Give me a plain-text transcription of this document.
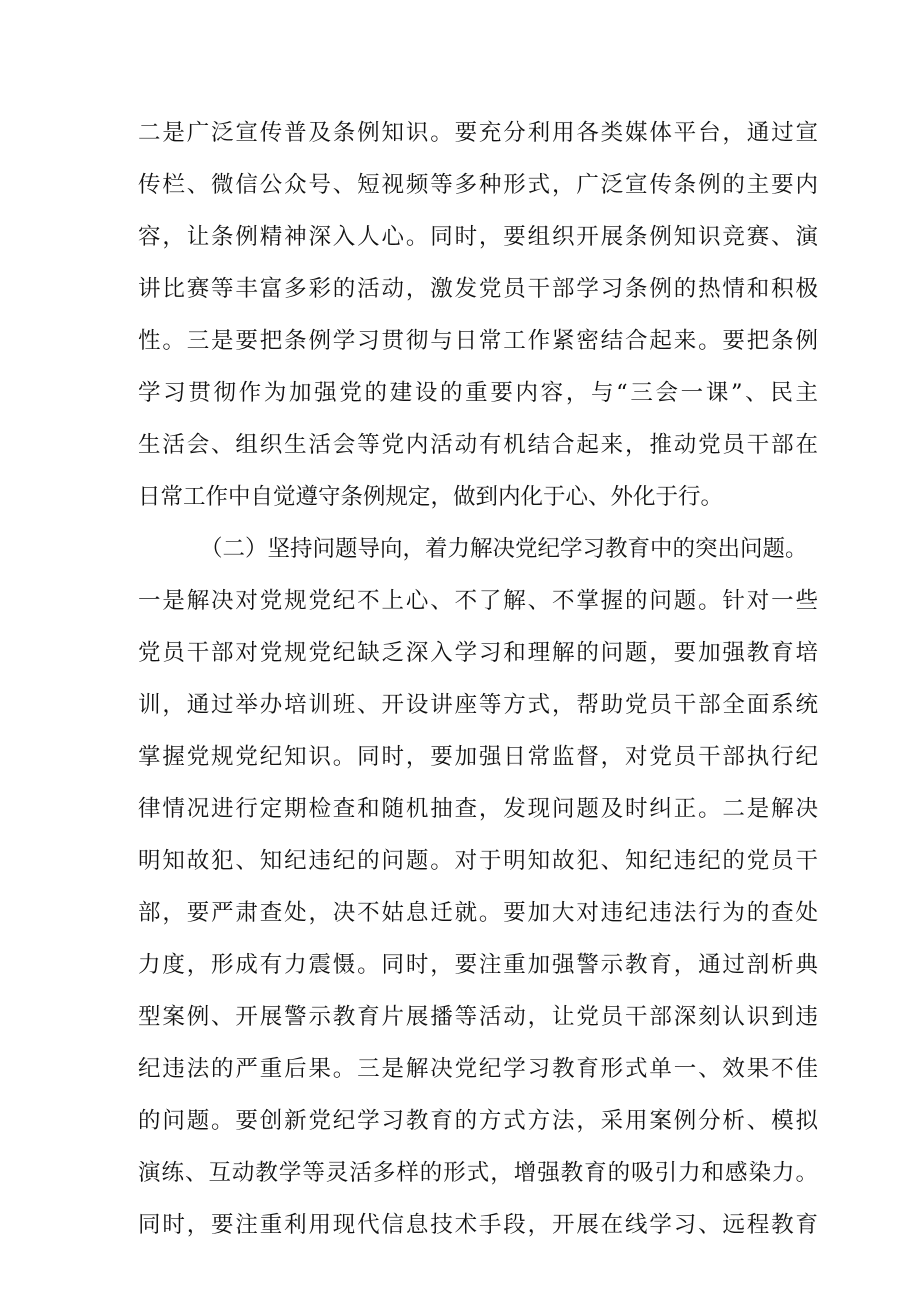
二是广泛宣传普及条例知识。要充分利用各类媒体平台，通过宣
传栏、微信公众号、短视频等多种形式，广泛宣传条例的主要内
容，让条例精神深入人心。同时，要组织开展条例知识竞赛、演
讲比赛等丰富多彩的活动，激发党员干部学习条例的热情和积极
性。三是要把条例学习贯彻与日常工作紧密结合起来。要把条例
学习贯彻作为加强党的建设的重要内容，与“三会一课”、民主
生活会、组织生活会等党内活动有机结合起来，推动党员干部在
日常工作中自觉遵守条例规定，做到内化于心、外化于行。
（二）坚持问题导向，着力解决党纪学习教育中的突出问题。
一是解决对党规党纪不上心、不了解、不掌握的问题。针对一些
党员干部对党规党纪缺乏深入学习和理解的问题，要加强教育培
训，通过举办培训班、开设讲座等方式，帮助党员干部全面系统
掌握党规党纪知识。同时，要加强日常监督，对党员干部执行纪
律情况进行定期检查和随机抽查，发现问题及时纠正。二是解决
明知故犯、知纪违纪的问题。对于明知故犯、知纪违纪的党员干
部，要严肃查处，决不姑息迁就。要加大对违纪违法行为的查处
力度，形成有力震慑。同时，要注重加强警示教育，通过剖析典
型案例、开展警示教育片展播等活动，让党员干部深刻认识到违
纪违法的严重后果。三是解决党纪学习教育形式单一、效果不佳
的问题。要创新党纪学习教育的方式方法，采用案例分析、模拟
演练、互动教学等灵活多样的形式，增强教育的吸引力和感染力。
同时，要注重利用现代信息技术手段，开展在线学习、远程教育
